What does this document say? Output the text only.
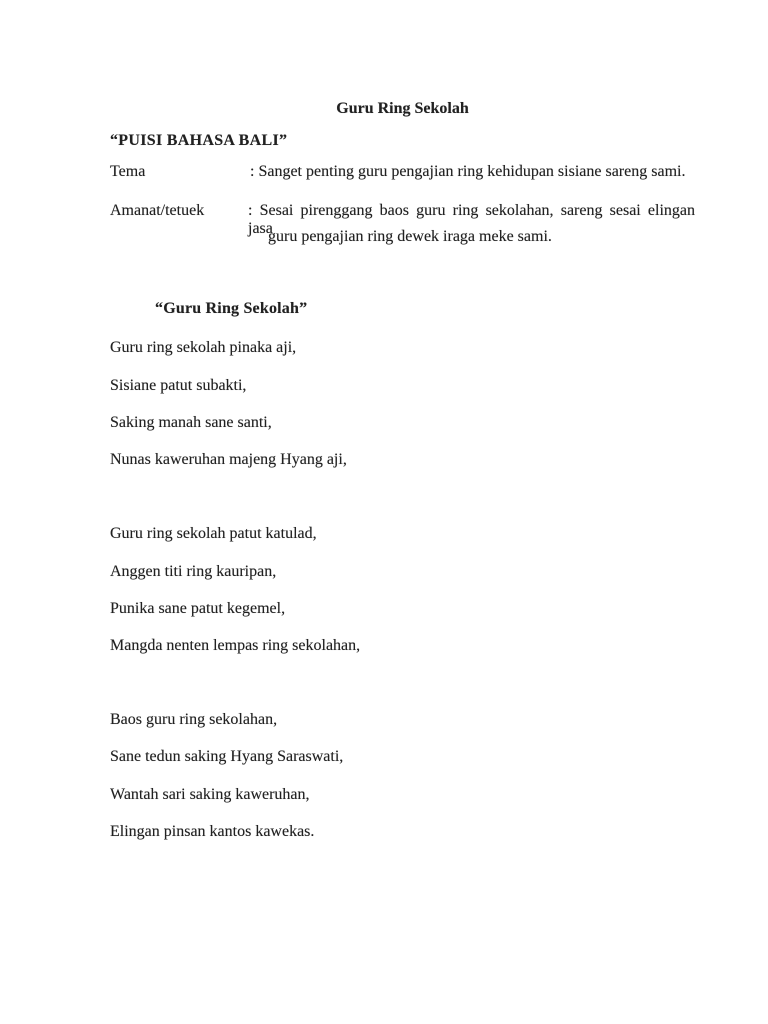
Guru Ring Sekolah

“PUISI BAHASA BALI”

Tema	: Sanget penting guru pengajian ring kehidupan sisiane sareng sami.

Amanat/tetuek	: Sesai pirenggang baos guru ring sekolahan, sareng sesai elingan jasa

guru pengajian ring dewek iraga meke sami.

“Guru Ring Sekolah”

Guru ring sekolah pinaka aji,

Sisiane patut subakti,

Saking manah sane santi,

Nunas kaweruhan majeng Hyang aji,

Guru ring sekolah patut katulad,

Anggen titi ring kauripan,

Punika sane patut kegemel,

Mangda nenten lempas ring sekolahan,

Baos guru ring sekolahan,

Sane tedun saking Hyang Saraswati,

Wantah sari saking kaweruhan,

Elingan pinsan kantos kawekas.
